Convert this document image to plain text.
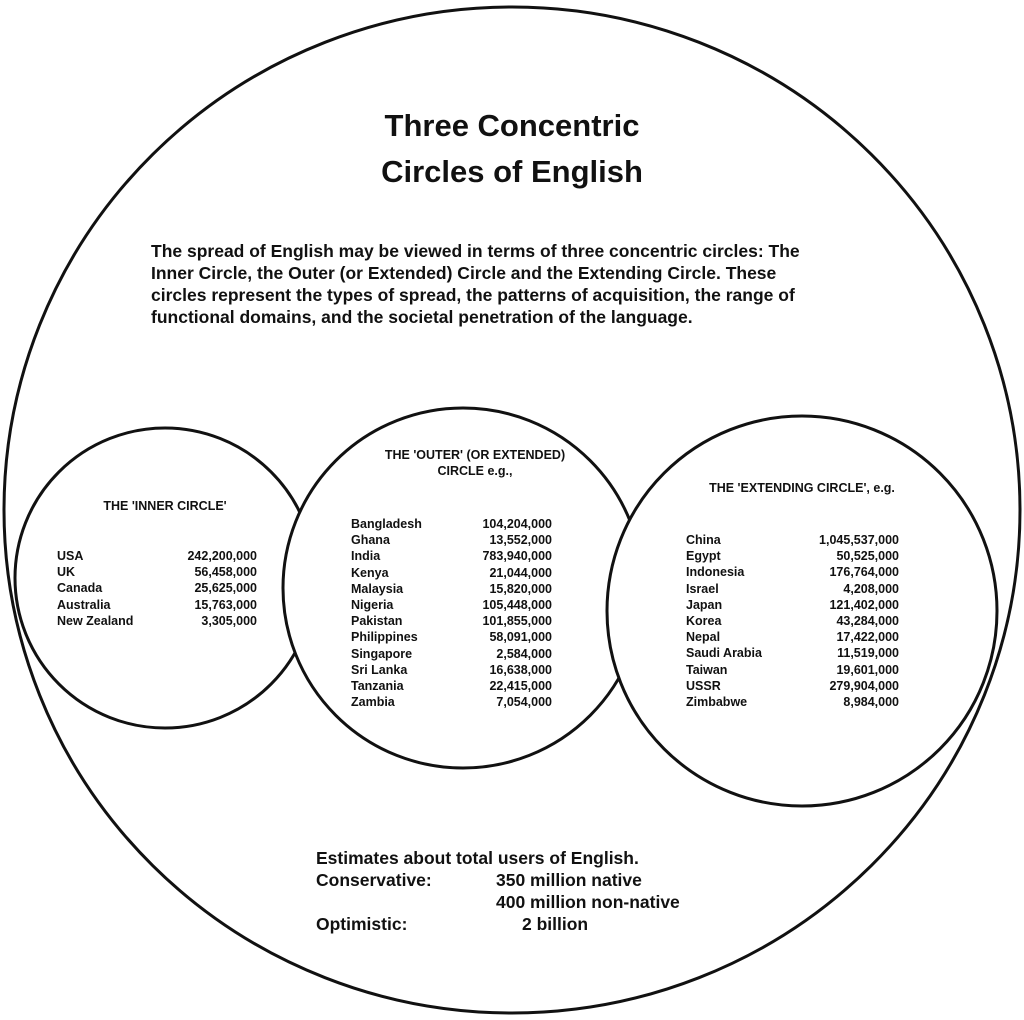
Three Concentric
Circles of English
The spread of English may be viewed in terms of three concentric circles: The
Inner Circle, the Outer (or Extended) Circle and the Extending Circle. These
circles represent the types of spread, the patterns of acquisition, the range of
functional domains, and the societal penetration of the language.
THE 'INNER CIRCLE'
USA	242,200,000
UK	56,458,000
Canada	25,625,000
Australia	15,763,000
New Zealand	3,305,000
THE 'OUTER' (OR EXTENDED)
CIRCLE e.g.,
Bangladesh	104,204,000
Ghana	13,552,000
India	783,940,000
Kenya	21,044,000
Malaysia	15,820,000
Nigeria	105,448,000
Pakistan	101,855,000
Philippines	58,091,000
Singapore	2,584,000
Sri Lanka	16,638,000
Tanzania	22,415,000
Zambia	7,054,000
THE 'EXTENDING CIRCLE', e.g.
China	1,045,537,000
Egypt	50,525,000
Indonesia	176,764,000
Israel	4,208,000
Japan	121,402,000
Korea	43,284,000
Nepal	17,422,000
Saudi Arabia	11,519,000
Taiwan	19,601,000
USSR	279,904,000
Zimbabwe	8,984,000
Estimates about total users of English.
Conservative:	350 million native
400 million non-native
Optimistic:	2 billion
